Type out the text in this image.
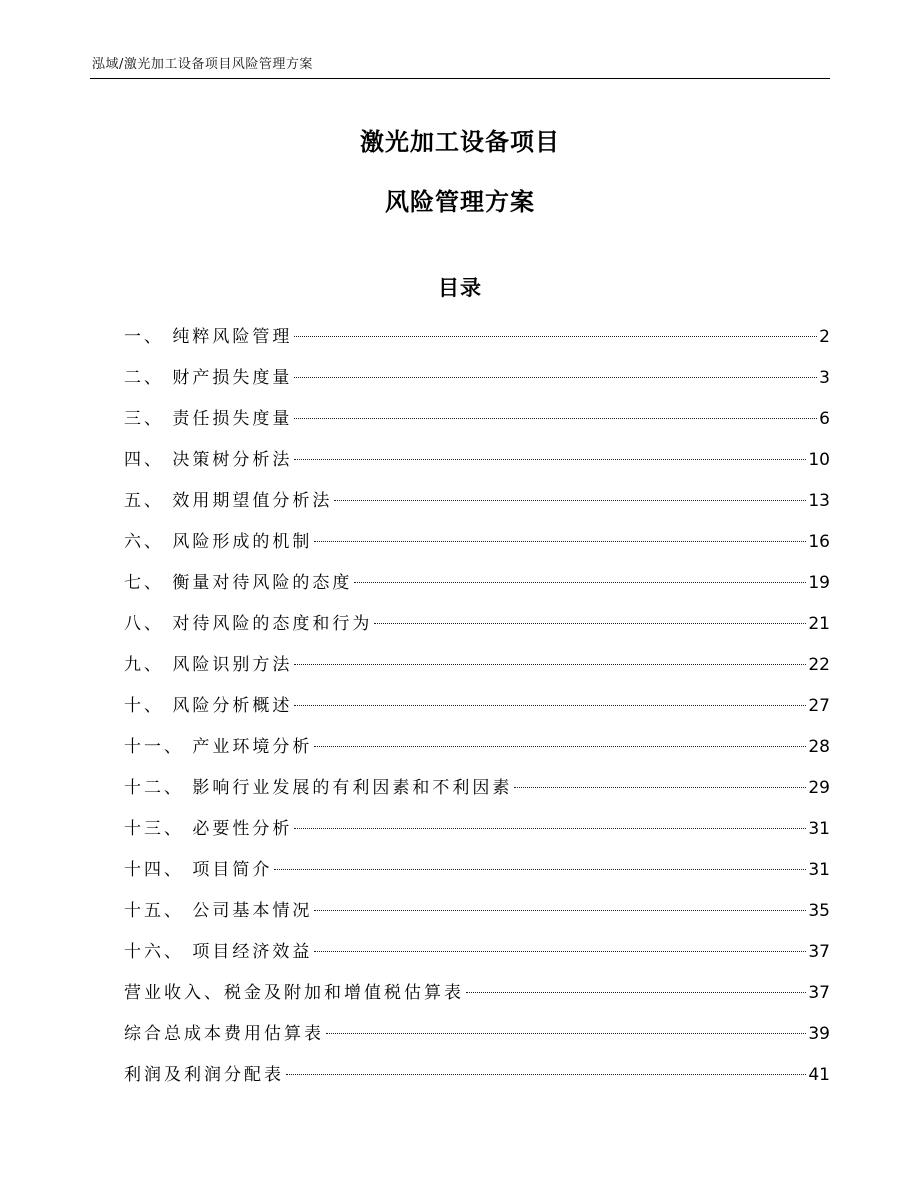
泓域/激光加工设备项目风险管理方案
激光加工设备项目
风险管理方案
目录
一、 纯粹风险管理	2
二、 财产损失度量	3
三、 责任损失度量	6
四、 决策树分析法	10
五、 效用期望值分析法	13
六、 风险形成的机制	16
七、 衡量对待风险的态度	19
八、 对待风险的态度和行为	21
九、 风险识别方法	22
十、 风险分析概述	27
十一、 产业环境分析	28
十二、 影响行业发展的有利因素和不利因素	29
十三、 必要性分析	31
十四、 项目简介	31
十五、 公司基本情况	35
十六、 项目经济效益	37
营业收入、税金及附加和增值税估算表	37
综合总成本费用估算表	39
利润及利润分配表	41
